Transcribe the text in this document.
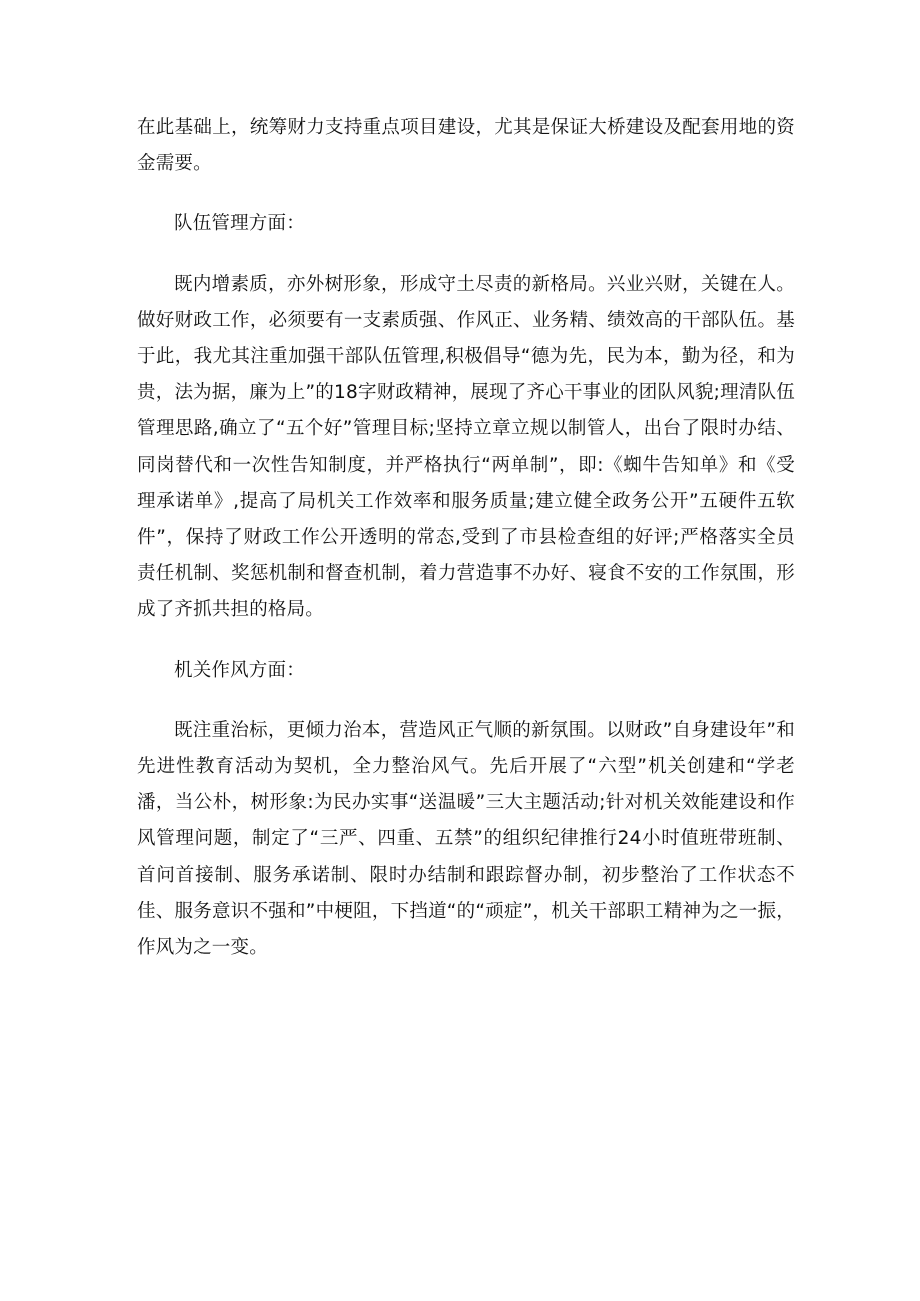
在此基础上，统筹财力支持重点项目建设，尤其是保证大桥建设及配套用地的资金需要。

队伍管理方面：

既内增素质，亦外树形象，形成守土尽责的新格局。兴业兴财，关键在人。做好财政工作，必须要有一支素质强、作风正、业务精、绩效高的干部队伍。基于此，我尤其注重加强干部队伍管理,积极倡导“德为先，民为本，勤为径，和为贵，法为据，廉为上”的18字财政精神，展现了齐心干事业的团队风貌;理清队伍管理思路,确立了“五个好”管理目标;坚持立章立规以制管人，出台了限时办结、同岗替代和一次性告知制度，并严格执行“两单制”，即:《蜘牛告知单》和《受理承诺单》,提高了局机关工作效率和服务质量;建立健全政务公开”五硬件五软件”，保持了财政工作公开透明的常态,受到了市县检查组的好评;严格落实全员责任机制、奖惩机制和督查机制，着力营造事不办好、寝食不安的工作氛围，形成了齐抓共担的格局。

机关作风方面：

既注重治标，更倾力治本，营造风正气顺的新氛围。以财政”自身建设年”和先进性教育活动为契机，全力整治风气。先后开展了“六型”机关创建和“学老潘，当公朴，树形象:为民办实事“送温暖”三大主题活动;针对机关效能建设和作风管理问题，制定了“三严、四重、五禁”的组织纪律推行24小时值班带班制、首问首接制、服务承诺制、限时办结制和跟踪督办制，初步整治了工作状态不佳、服务意识不强和”中梗阻，下挡道“的“顽症”，机关干部职工精神为之一振，作风为之一变。
